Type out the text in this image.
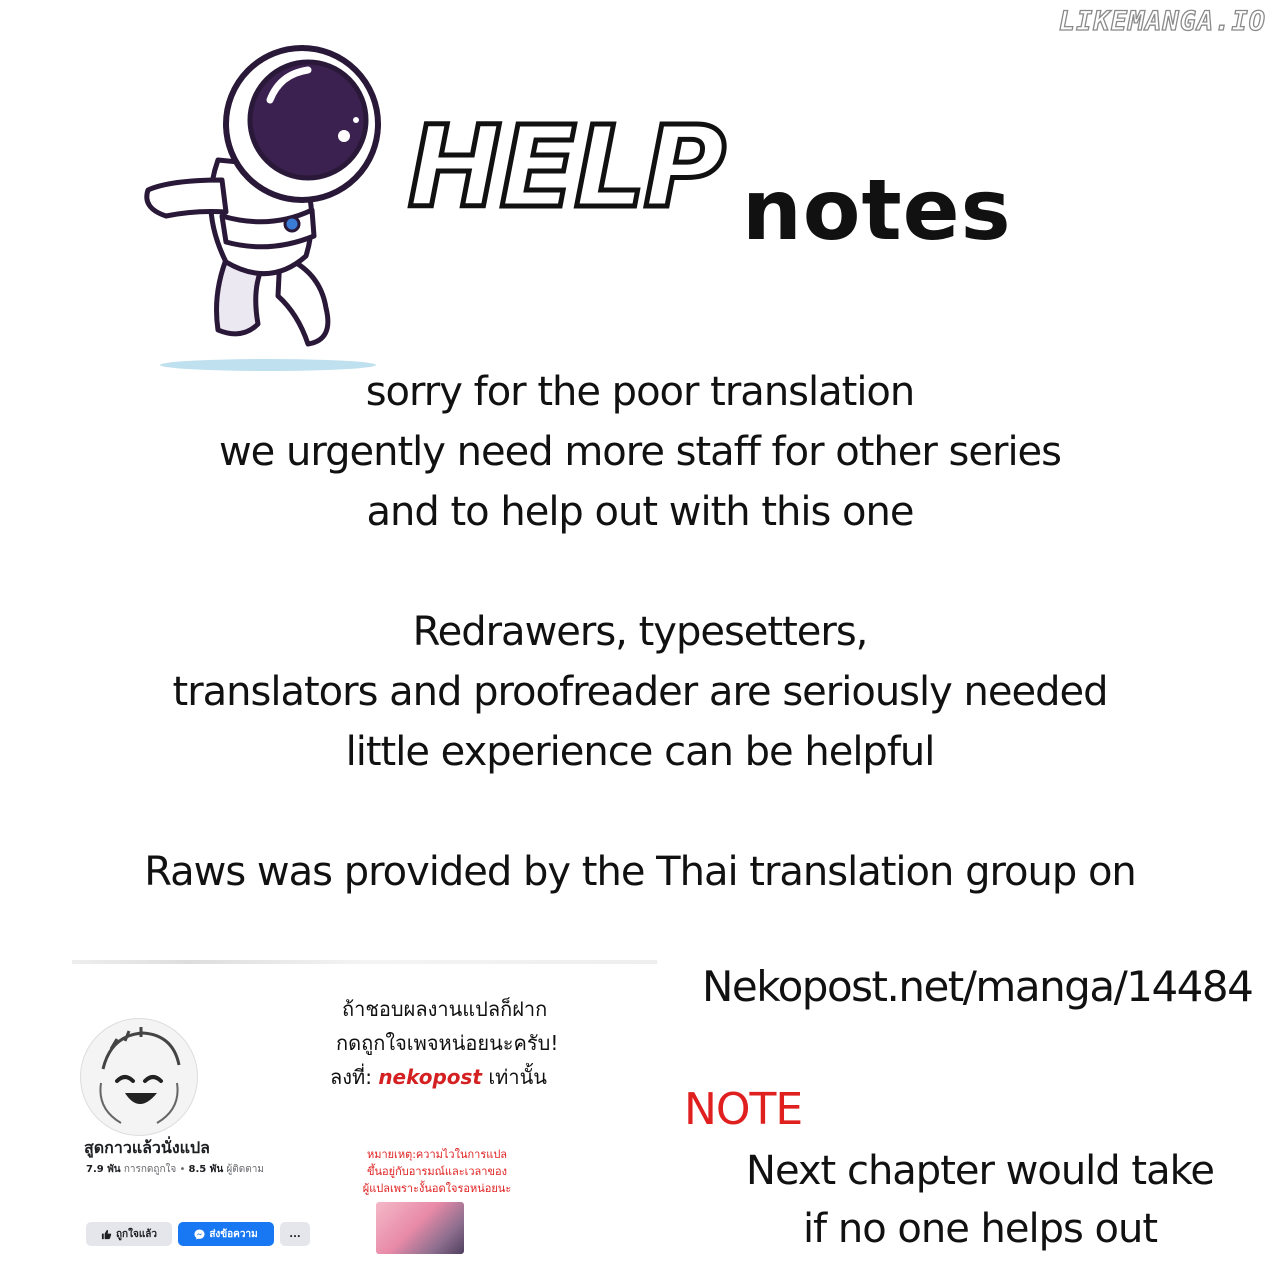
LIKEMANGA.IO
HELP notes
sorry for the poor translation
we urgently need more staff for other series
and to help out with this one
Redrawers, typesetters,
translators and proofreader are seriously needed
little experience can be helpful
Raws was provided by the Thai translation group on
สูดกาวแล้วนั่งแปล
7.9 พัน การกดถูกใจ • 8.5 พัน ผู้ติดตาม
ถูกใจแล้ว	ส่งข้อความ	...
ถ้าชอบผลงานแปลก็ฝาก
กดถูกใจเพจหน่อยนะครับ!
ลงที่: nekopost เท่านั้น
หมายเหตุ:ความไวในการแปล
ขึ้นอยู่กับอารมณ์และเวลาของ
ผู้แปลเพราะงั้นอดใจรอหน่อยนะ
Nekopost.net/manga/14484
NOTE
Next chapter would take
if no one helps out
